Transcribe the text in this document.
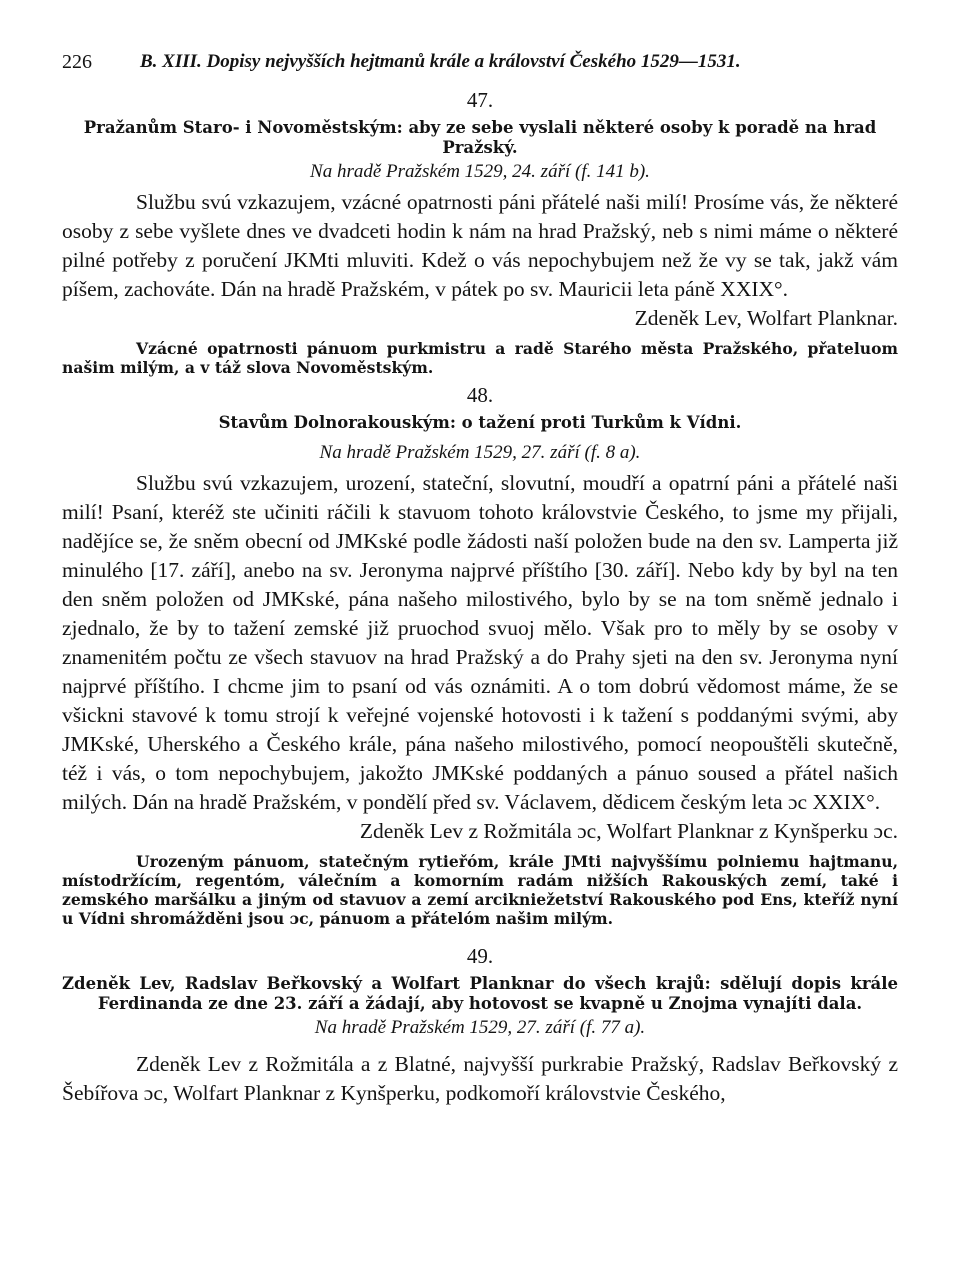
226	B. XIII. Dopisy nejvyšších hejtmanů krále a království Českého 1529—1531.
47.
Pražanům Staro- i Novoměstským: aby ze sebe vyslali některé osoby k poradě na hrad Pražský.
Na hradě Pražském 1529, 24. září (f. 141 b).

Službu svú vzkazujem, vzácné opatrnosti páni přátelé naši milí! Prosíme vás, že některé osoby z sebe vyšlete dnes ve dvadceti hodin k nám na hrad Pražský, neb s nimi máme o některé pilné potřeby z poručení JKMti mluviti. Kdež o vás nepochybujem než že vy se tak, jakž vám píšem, zachováte. Dán na hradě Pražském, v pátek po sv. Mauricii leta páně XXIX°.

Zdeněk Lev, Wolfart Planknar.
Vzácné opatrnosti pánuom purkmistru a radě Starého města Pražského, přateluom našim milým, a v táž slova Novoměstským.
48.
Stavům Dolnorakouským: o tažení proti Turkům k Vídni.
Na hradě Pražském 1529, 27. září (f. 8 a).

Službu svú vzkazujem, urození, stateční, slovutní, moudří a opatrní páni a přátelé naši milí! Psaní, kteréž ste učiniti ráčili k stavuom tohoto královstvie Českého, to jsme my přijali, nadějíce se, že sněm obecní od JMKské podle žádosti naší položen bude na den sv. Lamperta již minulého [17. září], anebo na sv. Jeronyma najprvé příštího [30. září]. Nebo kdy by byl na ten den sněm položen od JMKské, pána našeho milostivého, bylo by se na tom sněmě jednalo i zjednalo, že by to tažení zemské již pruochod svuoj mělo. Však pro to měly by se osoby v znamenitém počtu ze všech stavuov na hrad Pražský a do Prahy sjeti na den sv. Jeronyma nyní najprvé příštího. I chcme jim to psaní od vás oznámiti. A o tom dobrú vědomost máme, že se všickni stavové k tomu strojí k veřejné vojenské hotovosti i k tažení s poddanými svými, aby JMKské, Uherského a Českého krále, pána našeho milostivého, pomocí neopouštěli skutečně, též i vás, o tom nepochybujem, jakožto JMKské poddaných a pánuo soused a přátel našich milých. Dán na hradě Pražském, v pondělí před sv. Václavem, dědicem českým leta ɔc XXIX°.

Zdeněk Lev z Rožmitála ɔc, Wolfart Planknar z Kynšperku ɔc.
Urozeným pánuom, statečným rytieřóm, krále JMti najvyššímu polniemu hajtmanu, místodržícím, regentóm, válečním a komorním radám nižších Rakouských zemí, také i zemského maršálku a jiným od stavuov a zemí arcikniežetství Rakouského pod Ens, kteříž nyní u Vídni shromážděni jsou ɔc, pánuom a přátelóm našim milým.
49.
Zdeněk Lev, Radslav Beřkovský a Wolfart Planknar do všech krajů: sdělují dopis krále Ferdinanda ze dne 23. září a žádají, aby hotovost se kvapně u Znojma vynajíti dala.
Na hradě Pražském 1529, 27. září (f. 77 a).

Zdeněk Lev z Rožmitála a z Blatné, najvyšší purkrabie Pražský, Radslav Beřkovský z Šebířova ɔc, Wolfart Planknar z Kynšperku, podkomoří královstvie Českého,
